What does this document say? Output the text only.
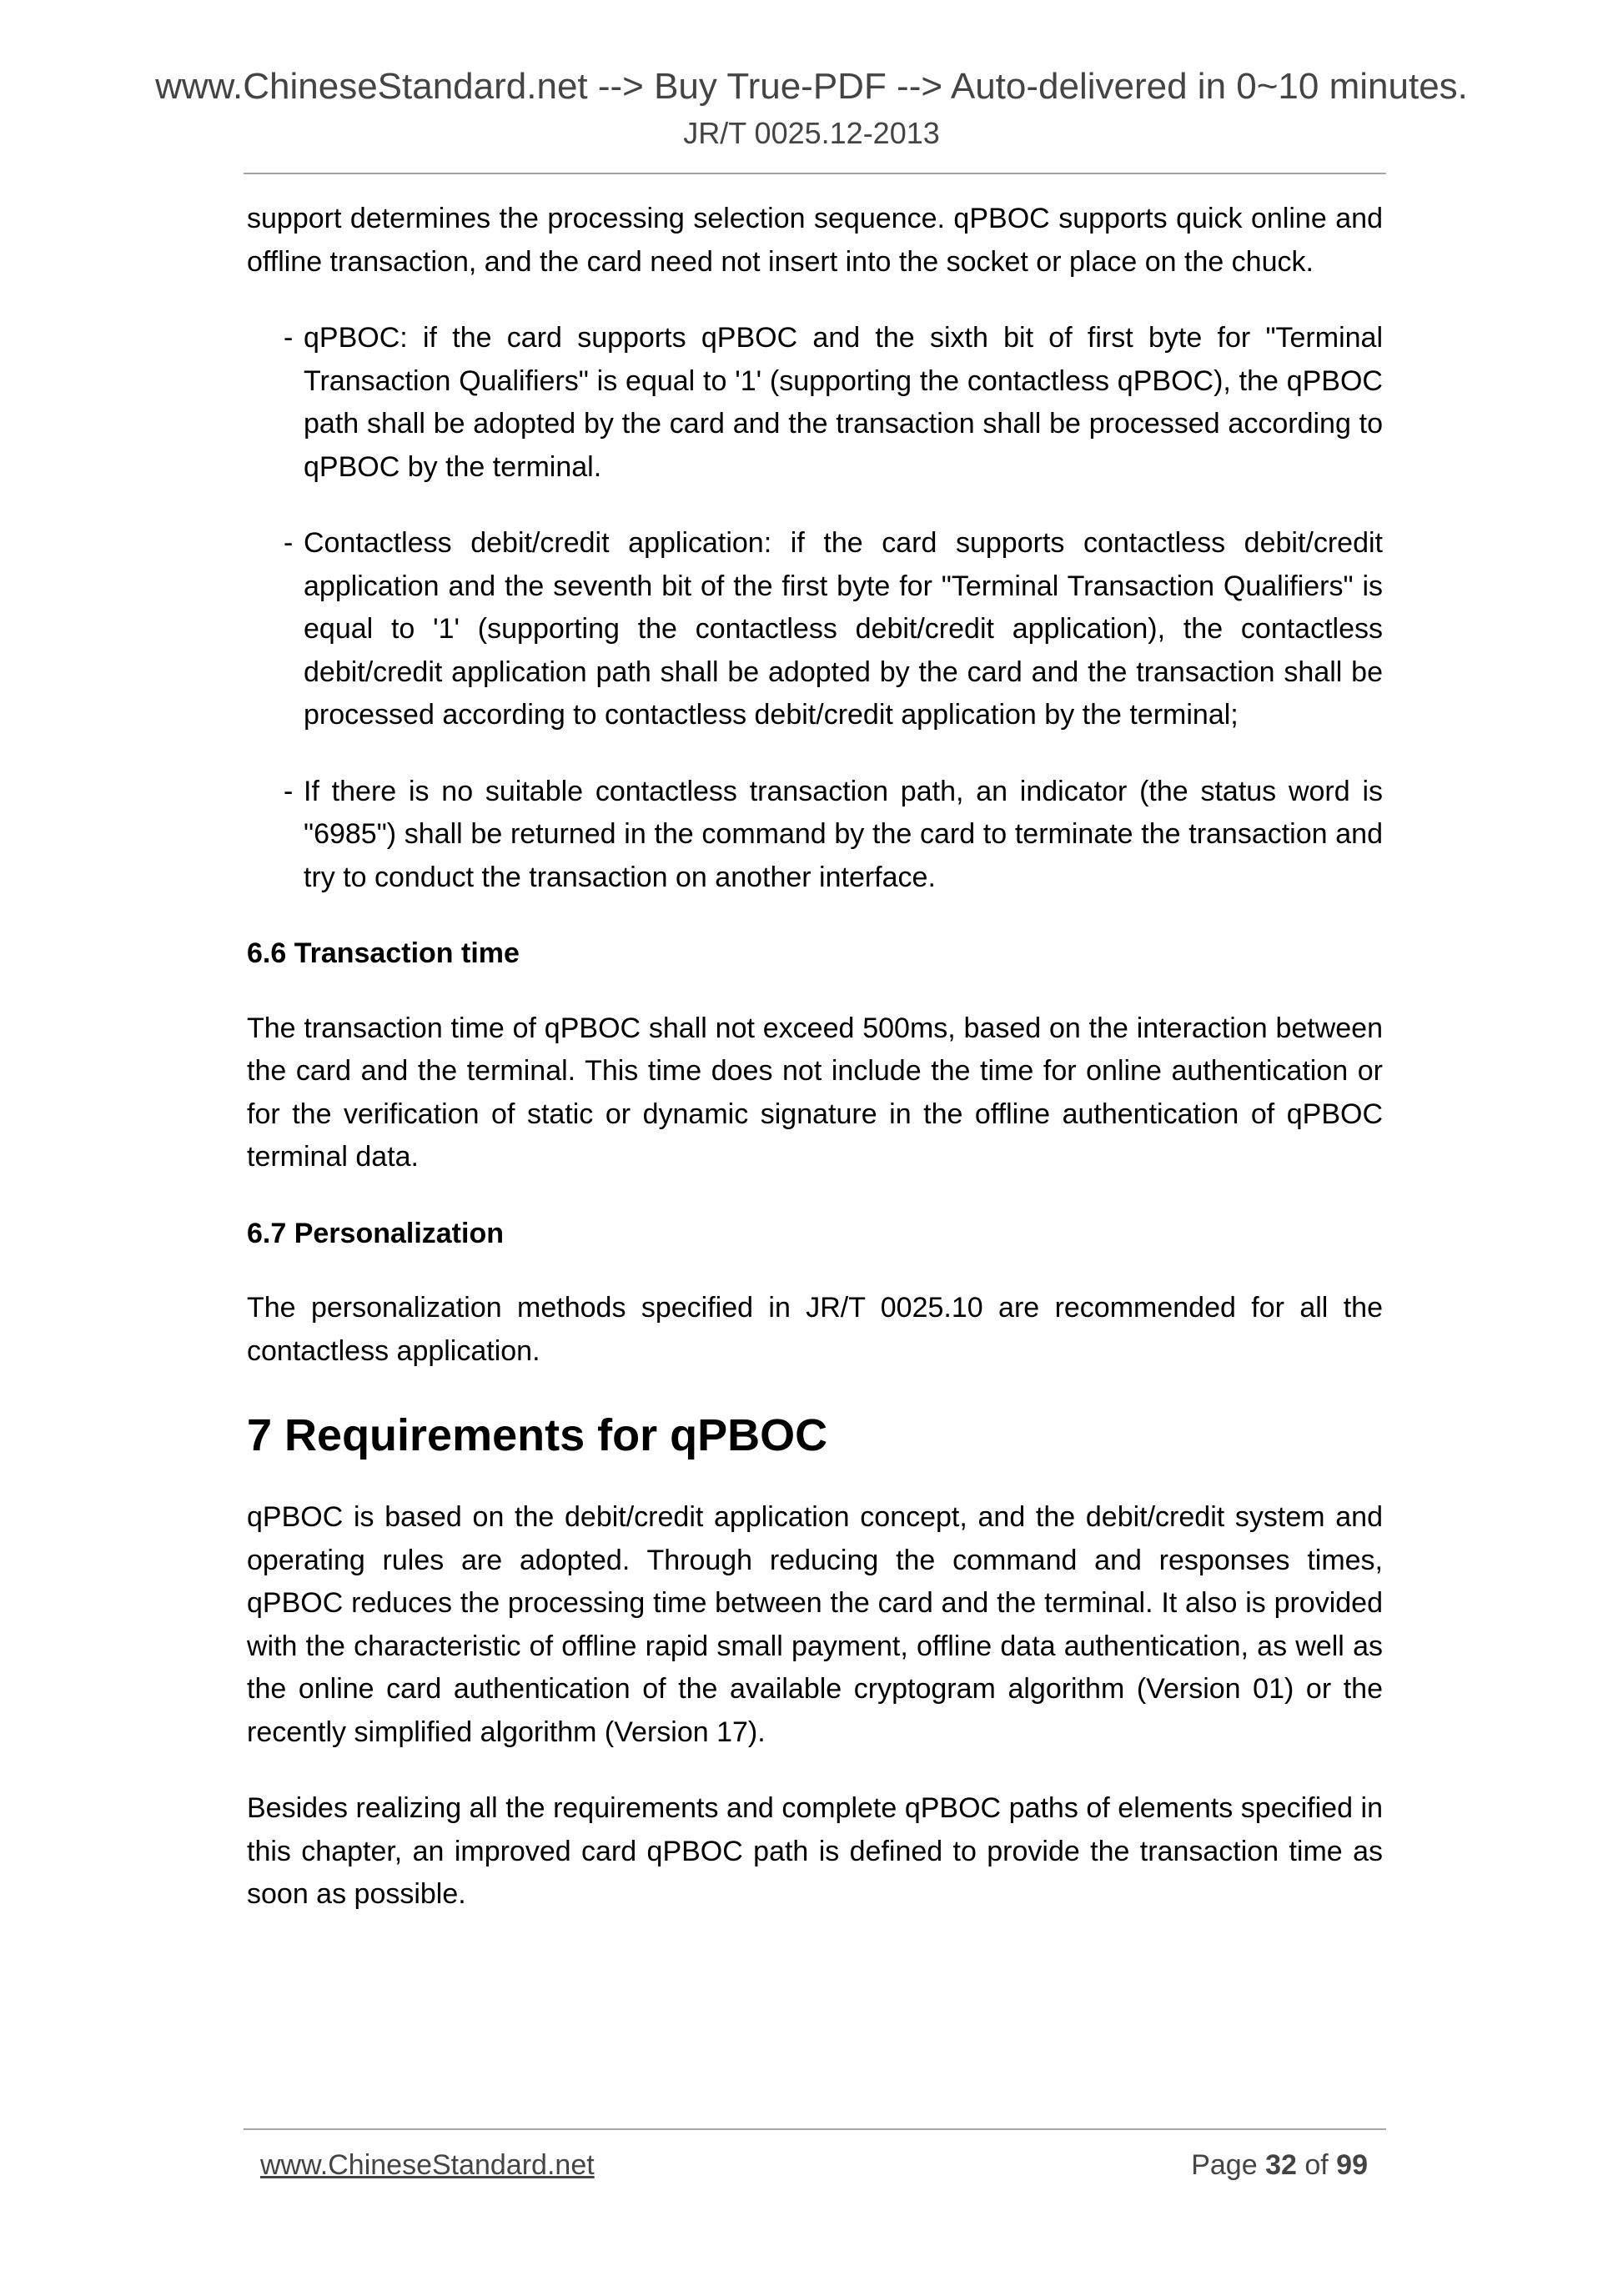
www.ChineseStandard.net --> Buy True-PDF --> Auto-delivered in 0~10 minutes.
JR/T 0025.12-2013

support determines the processing selection sequence. qPBOC supports quick online and offline transaction, and the card need not insert into the socket or place on the chuck.

- qPBOC: if the card supports qPBOC and the sixth bit of first byte for "Terminal Transaction Qualifiers" is equal to '1' (supporting the contactless qPBOC), the qPBOC path shall be adopted by the card and the transaction shall be processed according to qPBOC by the terminal.
- Contactless debit/credit application: if the card supports contactless debit/credit application and the seventh bit of the first byte for "Terminal Transaction Qualifiers" is equal to '1' (supporting the contactless debit/credit application), the contactless debit/credit application path shall be adopted by the card and the transaction shall be processed according to contactless debit/credit application by the terminal;
- If there is no suitable contactless transaction path, an indicator (the status word is "6985") shall be returned in the command by the card to terminate the transaction and try to conduct the transaction on another interface.
6.6 Transaction time

The transaction time of qPBOC shall not exceed 500ms, based on the interaction between the card and the terminal. This time does not include the time for online authentication or for the verification of static or dynamic signature in the offline authentication of qPBOC terminal data.

6.7 Personalization

The personalization methods specified in JR/T 0025.10 are recommended for all the contactless application.

7 Requirements for qPBOC

qPBOC is based on the debit/credit application concept, and the debit/credit system and operating rules are adopted. Through reducing the command and responses times, qPBOC reduces the processing time between the card and the terminal. It also is provided with the characteristic of offline rapid small payment, offline data authentication, as well as the online card authentication of the available cryptogram algorithm (Version 01) or the recently simplified algorithm (Version 17).

Besides realizing all the requirements and complete qPBOC paths of elements specified in this chapter, an improved card qPBOC path is defined to provide the transaction time as soon as possible.

www.ChineseStandard.net	Page 32 of 99
